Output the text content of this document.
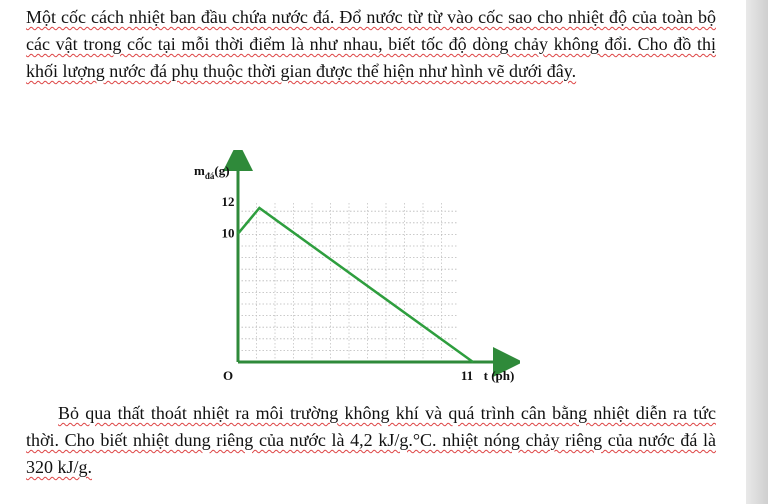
Một cốc cách nhiệt ban đầu chứa nước đá. Đổ nước từ từ vào cốc sao cho nhiệt độ của toàn bộ các vật trong cốc tại mỗi thời điểm là như nhau, biết tốc độ dòng chảy không đổi. Cho đồ thị khối lượng nước đá phụ thuộc thời gian được thể hiện như hình vẽ dưới đây.

$m_{đá}(g)$
12
10
O	11 t (ph)

Bỏ qua thất thoát nhiệt ra môi trường không khí và quá trình cân bằng nhiệt diễn ra tức thời. Cho biết nhiệt dung riêng của nước là 4,2 kJ/g.°C. nhiệt nóng chảy riêng của nước đá là 320 kJ/g.
